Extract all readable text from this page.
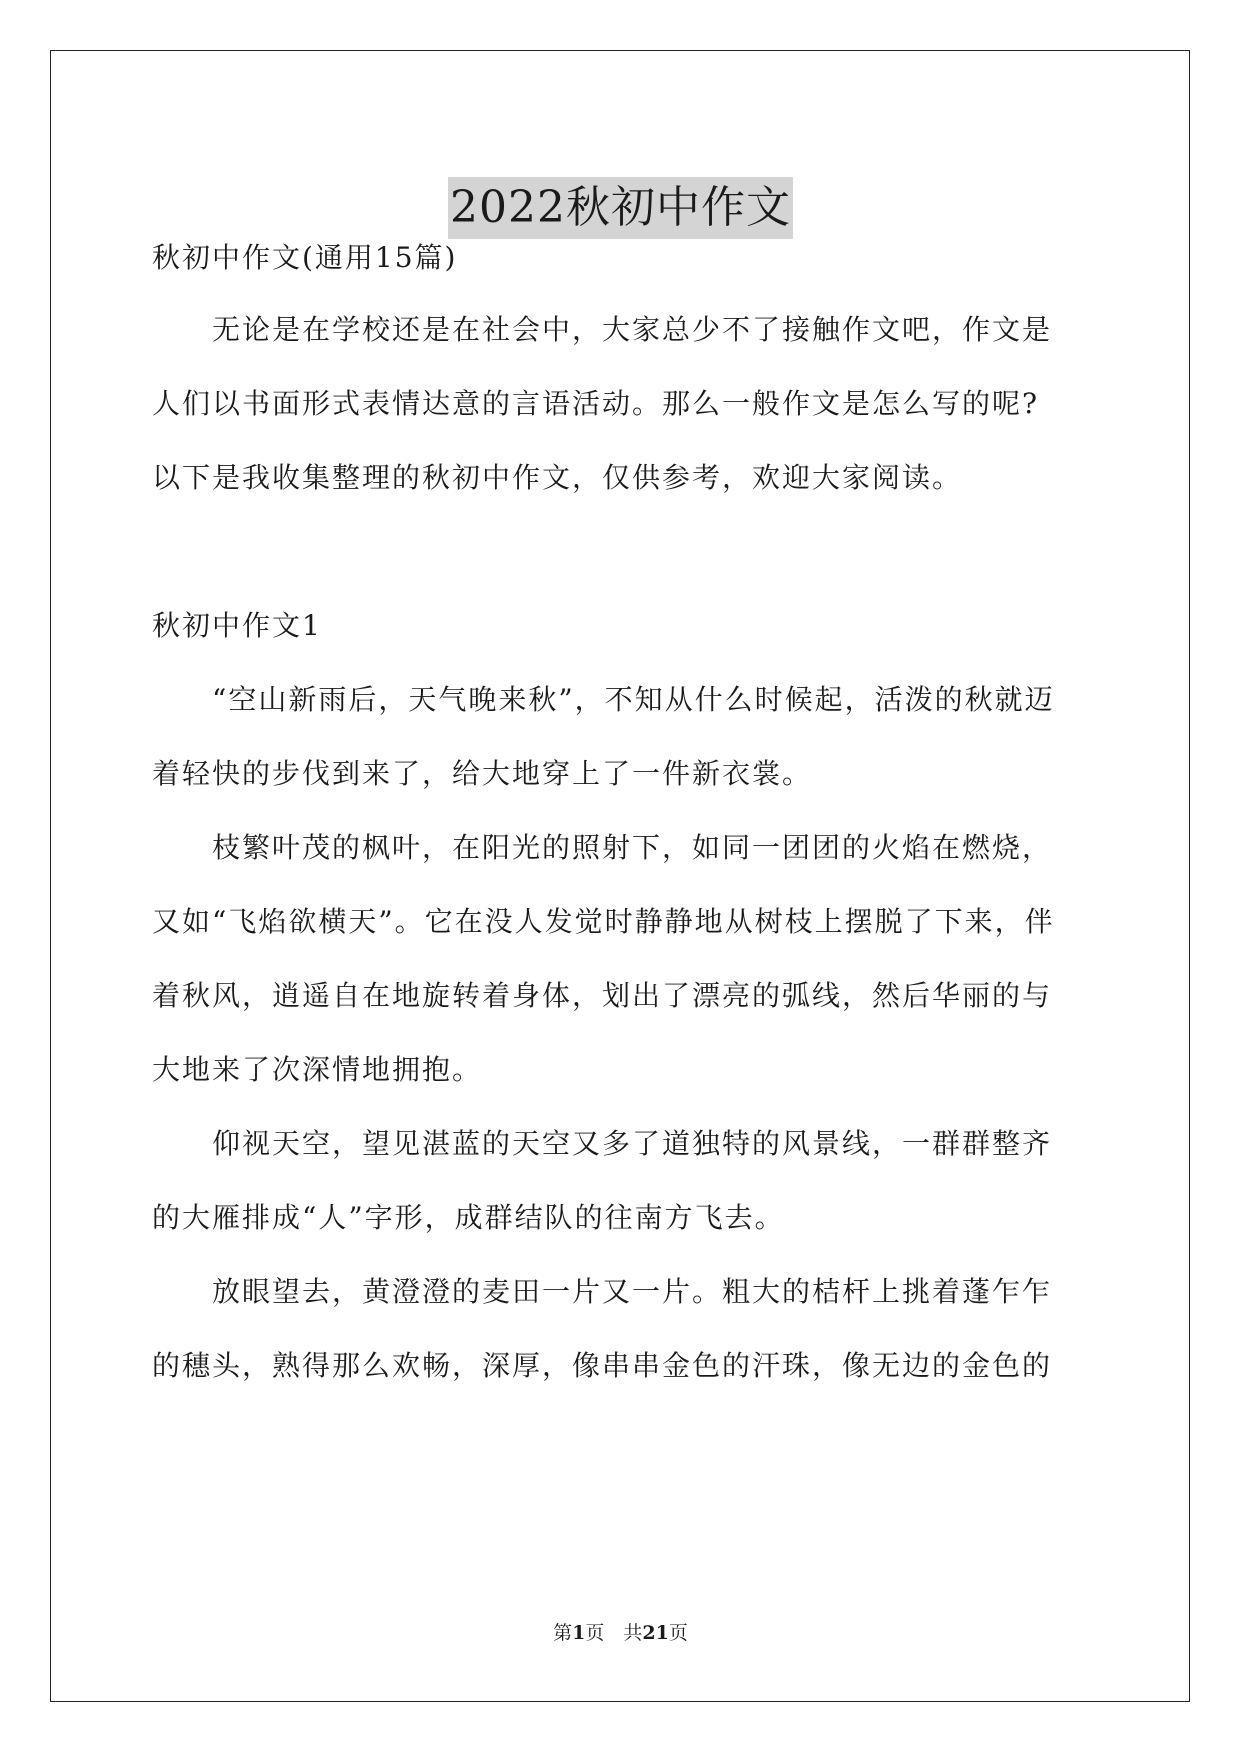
2022秋初中作文
秋初中作文(通用15篇)
　　无论是在学校还是在社会中，大家总少不了接触作文吧，作文是
人们以书面形式表情达意的言语活动。那么一般作文是怎么写的呢?
以下是我收集整理的秋初中作文，仅供参考，欢迎大家阅读。
秋初中作文1
　　“空山新雨后，天气晚来秋”，不知从什么时候起，活泼的秋就迈
着轻快的步伐到来了，给大地穿上了一件新衣裳。
　　枝繁叶茂的枫叶，在阳光的照射下，如同一团团的火焰在燃烧，
又如“飞焰欲横天”。它在没人发觉时静静地从树枝上摆脱了下来，伴
着秋风，逍遥自在地旋转着身体，划出了漂亮的弧线，然后华丽的与
大地来了次深情地拥抱。
　　仰视天空，望见湛蓝的天空又多了道独特的风景线，一群群整齐
的大雁排成“人”字形，成群结队的往南方飞去。
　　放眼望去，黄澄澄的麦田一片又一片。粗大的桔杆上挑着蓬乍乍
的穗头，熟得那么欢畅，深厚，像串串金色的汗珠，像无边的金色的
第1页　共21页
